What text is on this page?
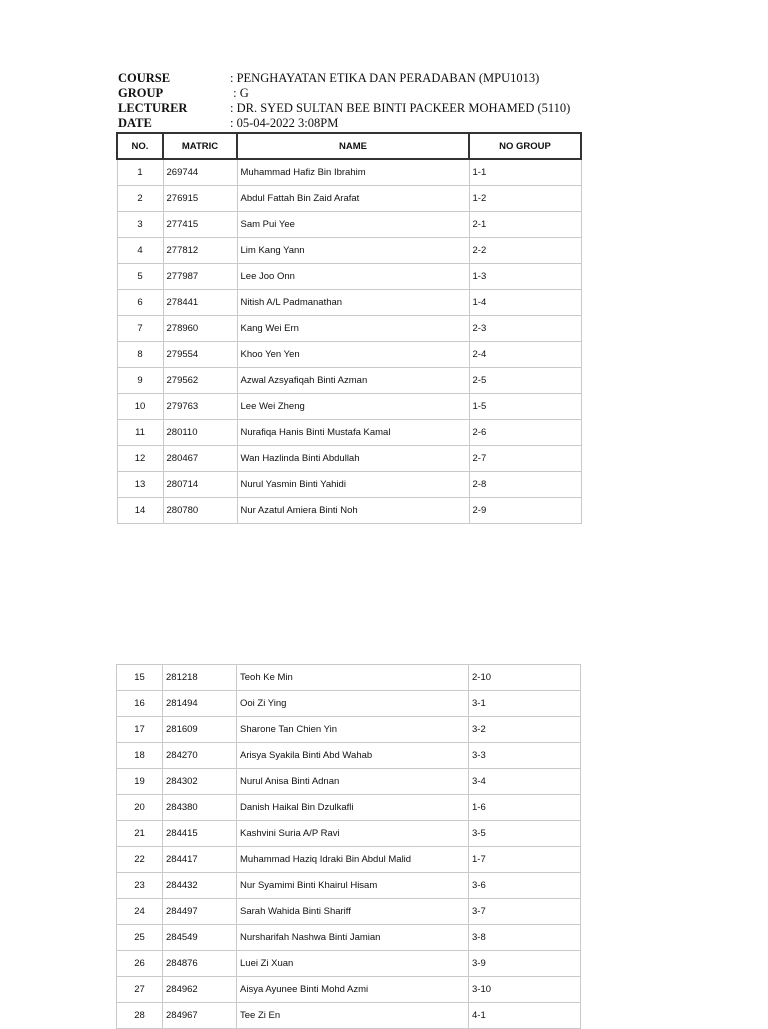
COURSE	: PENGHAYATAN ETIKA DAN PERADABAN (MPU1013)
GROUP	: G
LECTURER	: DR. SYED SULTAN BEE BINTI PACKEER MOHAMED (5110)
DATE	: 05-04-2022 3:08PM
NO.	MATRIC	NAME	NO GROUP
1	269744	Muhammad Hafiz Bin Ibrahim	1-1
2	276915	Abdul Fattah Bin Zaid Arafat	1-2
3	277415	Sam Pui Yee	2-1
4	277812	Lim Kang Yann	2-2
5	277987	Lee Joo Onn	1-3
6	278441	Nitish A/L Padmanathan	1-4
7	278960	Kang Wei Ern	2-3
8	279554	Khoo Yen Yen	2-4
9	279562	Azwal Azsyafiqah Binti Azman	2-5
10	279763	Lee Wei Zheng	1-5
11	280110	Nurafiqa Hanis Binti Mustafa Kamal	2-6
12	280467	Wan Hazlinda Binti Abdullah	2-7
13	280714	Nurul Yasmin Binti Yahidi	2-8
14	280780	Nur Azatul Amiera Binti Noh	2-9
15	281218	Teoh Ke Min	2-10
16	281494	Ooi Zi Ying	3-1
17	281609	Sharone Tan Chien Yin	3-2
18	284270	Arisya Syakila Binti Abd Wahab	3-3
19	284302	Nurul Anisa Binti Adnan	3-4
20	284380	Danish Haikal Bin Dzulkafli	1-6
21	284415	Kashvini Suria A/P Ravi	3-5
22	284417	Muhammad Haziq Idraki Bin Abdul Malid	1-7
23	284432	Nur Syamimi Binti Khairul Hisam	3-6
24	284497	Sarah Wahida Binti Shariff	3-7
25	284549	Nursharifah Nashwa Binti Jamian	3-8
26	284876	Luei Zi Xuan	3-9
27	284962	Aisya Ayunee Binti Mohd Azmi	3-10
28	284967	Tee Zi En	4-1
